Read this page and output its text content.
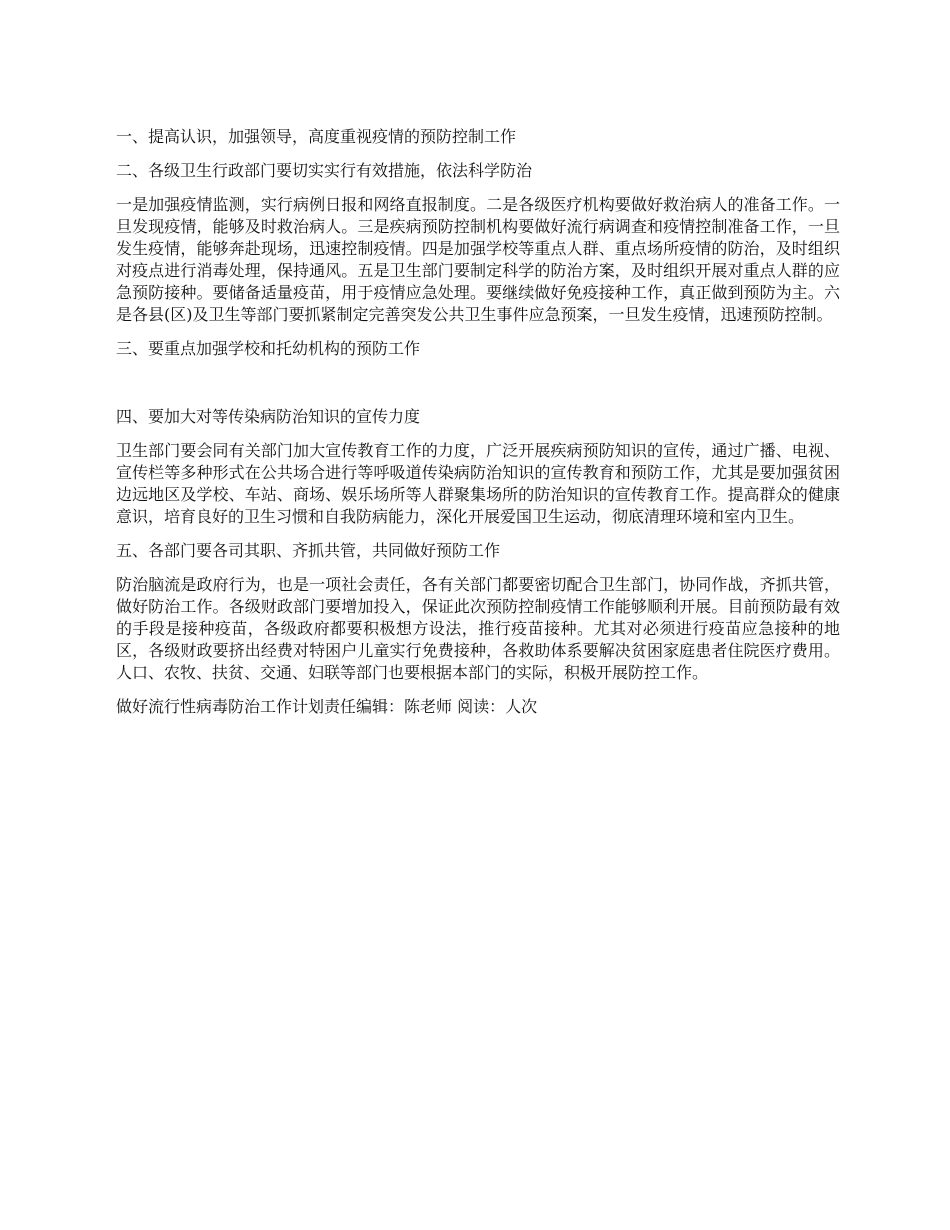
一、提高认识，加强领导，高度重视疫情的预防控制工作

二、各级卫生行政部门要切实实行有效措施，依法科学防治

一是加强疫情监测，实行病例日报和网络直报制度。二是各级医疗机构要做好救治病人的准备工作。一旦发现疫情，能够及时救治病人。三是疾病预防控制机构要做好流行病调查和疫情控制准备工作，一旦发生疫情，能够奔赴现场，迅速控制疫情。四是加强学校等重点人群、重点场所疫情的防治，及时组织对疫点进行消毒处理，保持通风。五是卫生部门要制定科学的防治方案，及时组织开展对重点人群的应急预防接种。要储备适量疫苗，用于疫情应急处理。要继续做好免疫接种工作，真正做到预防为主。六是各县(区)及卫生等部门要抓紧制定完善突发公共卫生事件应急预案，一旦发生疫情，迅速预防控制。

三、要重点加强学校和托幼机构的预防工作

四、要加大对等传染病防治知识的宣传力度

卫生部门要会同有关部门加大宣传教育工作的力度，广泛开展疾病预防知识的宣传，通过广播、电视、宣传栏等多种形式在公共场合进行等呼吸道传染病防治知识的宣传教育和预防工作，尤其是要加强贫困边远地区及学校、车站、商场、娱乐场所等人群聚集场所的防治知识的宣传教育工作。提高群众的健康意识，培育良好的卫生习惯和自我防病能力，深化开展爱国卫生运动，彻底清理环境和室内卫生。

五、各部门要各司其职、齐抓共管，共同做好预防工作

防治脑流是政府行为，也是一项社会责任，各有关部门都要密切配合卫生部门，协同作战，齐抓共管，做好防治工作。各级财政部门要增加投入，保证此次预防控制疫情工作能够顺利开展。目前预防最有效的手段是接种疫苗，各级政府都要积极想方设法，推行疫苗接种。尤其对必须进行疫苗应急接种的地区，各级财政要挤出经费对特困户儿童实行免费接种，各救助体系要解决贫困家庭患者住院医疗费用。人口、农牧、扶贫、交通、妇联等部门也要根据本部门的实际，积极开展防控工作。

做好流行性病毒防治工作计划责任编辑：陈老师 阅读：人次
